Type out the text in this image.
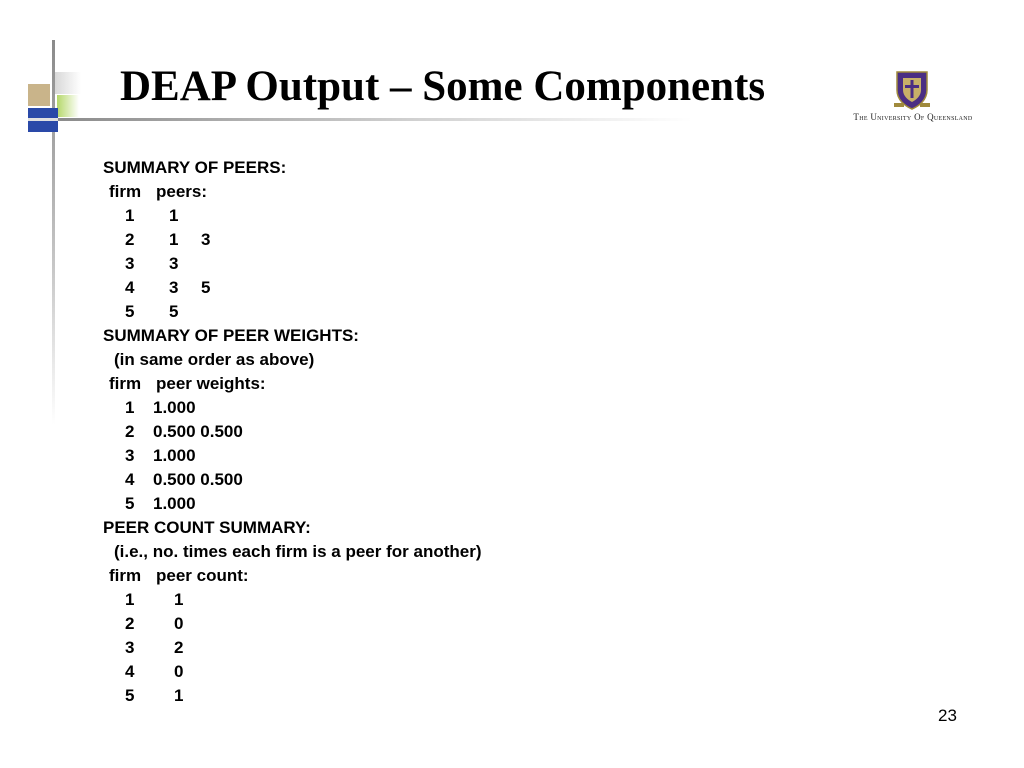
DEAP Output – Some Components
The University Of Queensland
SUMMARY OF PEERS:
firm peers:
1 1
2 1 3
3 3
4 3 5
5 5
SUMMARY OF PEER WEIGHTS:
(in same order as above)
firm peer weights:
1 1.000
2 0.500 0.500
3 1.000
4 0.500 0.500
5 1.000
PEER COUNT SUMMARY:
(i.e., no. times each firm is a peer for another)
firm peer count:
1 1
2 0
3 2
4 0
5 1
23
